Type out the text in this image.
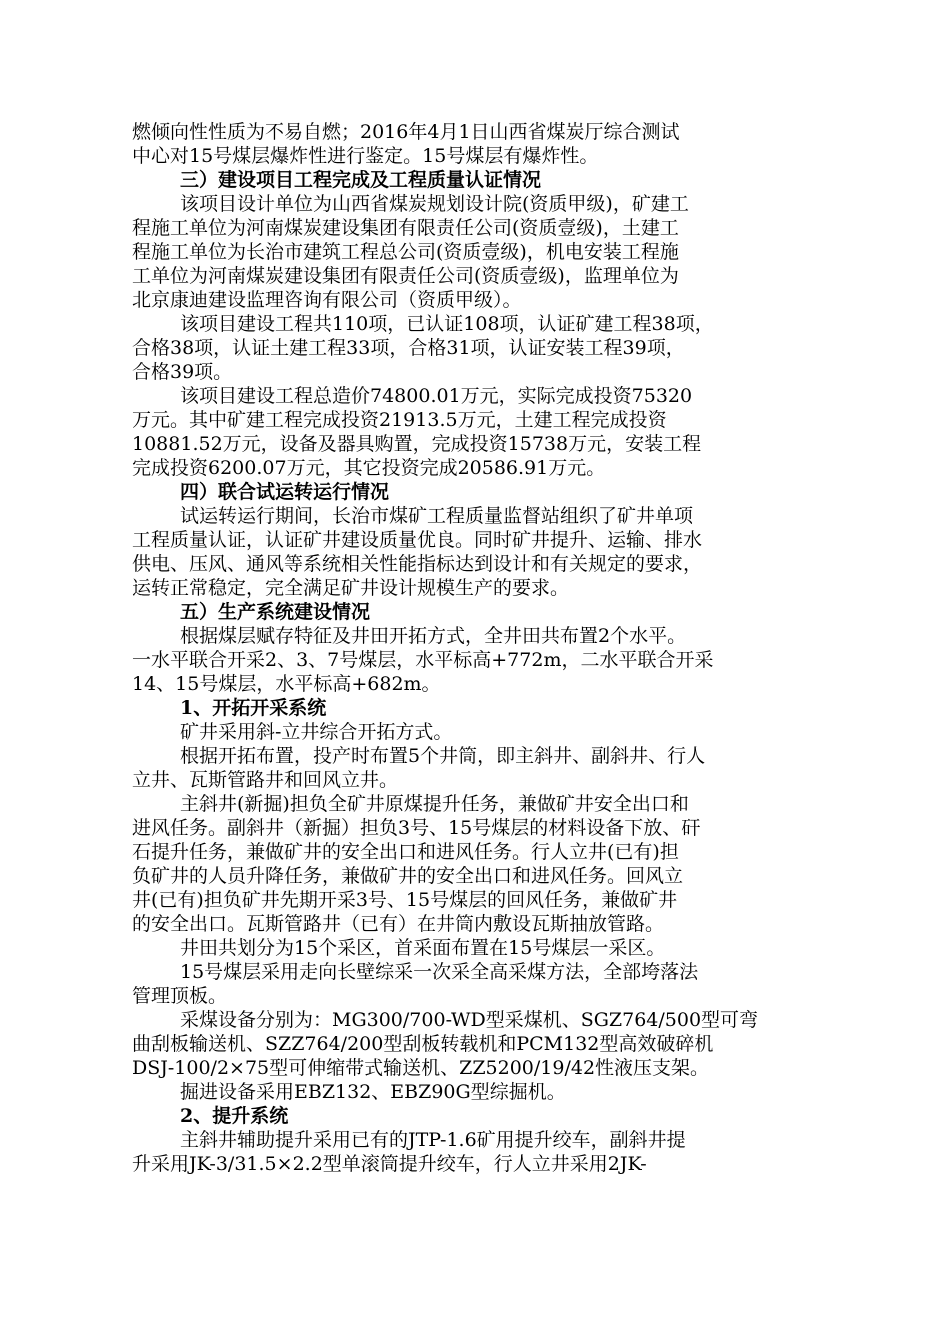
燃倾向性性质为不易自燃；2016年4月1日山西省煤炭厅综合测试
中心对15号煤层爆炸性进行鉴定。15号煤层有爆炸性。
三）建设项目工程完成及工程质量认证情况
该项目设计单位为山西省煤炭规划设计院(资质甲级)，矿建工
程施工单位为河南煤炭建设集团有限责任公司(资质壹级)，土建工
程施工单位为长治市建筑工程总公司(资质壹级)，机电安装工程施
工单位为河南煤炭建设集团有限责任公司(资质壹级)，监理单位为
北京康迪建设监理咨询有限公司（资质甲级）。
该项目建设工程共110项，已认证108项，认证矿建工程38项，
合格38项，认证土建工程33项，合格31项，认证安装工程39项，
合格39项。
该项目建设工程总造价74800.01万元，实际完成投资75320
万元。其中矿建工程完成投资21913.5万元，土建工程完成投资
10881.52万元，设备及器具购置，完成投资15738万元，安装工程
完成投资6200.07万元，其它投资完成20586.91万元。
四）联合试运转运行情况
试运转运行期间，长治市煤矿工程质量监督站组织了矿井单项
工程质量认证，认证矿井建设质量优良。同时矿井提升、运输、排水
供电、压风、通风等系统相关性能指标达到设计和有关规定的要求，
运转正常稳定，完全满足矿井设计规模生产的要求。
五）生产系统建设情况
根据煤层赋存特征及井田开拓方式，全井田共布置2个水平。
一水平联合开采2、3、7号煤层，水平标高+772m，二水平联合开采
14、15号煤层，水平标高+682m。
1、开拓开采系统
矿井采用斜-立井综合开拓方式。
根据开拓布置，投产时布置5个井筒，即主斜井、副斜井、行人
立井、瓦斯管路井和回风立井。
主斜井(新掘)担负全矿井原煤提升任务，兼做矿井安全出口和
进风任务。副斜井（新掘）担负3号、15号煤层的材料设备下放、矸
石提升任务，兼做矿井的安全出口和进风任务。行人立井(已有)担
负矿井的人员升降任务，兼做矿井的安全出口和进风任务。回风立
井(已有)担负矿井先期开采3号、15号煤层的回风任务，兼做矿井
的安全出口。瓦斯管路井（已有）在井筒内敷设瓦斯抽放管路。
井田共划分为15个采区，首采面布置在15号煤层一采区。
15号煤层采用走向长壁综采一次采全高采煤方法，全部垮落法
管理顶板。
采煤设备分别为：MG300/700-WD型采煤机、SGZ764/500型可弯
曲刮板输送机、SZZ764/200型刮板转载机和PCM132型高效破碎机
DSJ-100/2×75型可伸缩带式输送机、ZZ5200/19/42性液压支架。
掘进设备采用EBZ132、EBZ90G型综掘机。
2、提升系统
主斜井辅助提升采用已有的JTP-1.6矿用提升绞车，副斜井提
升采用JK-3/31.5×2.2型单滚筒提升绞车，行人立井采用2JK-
